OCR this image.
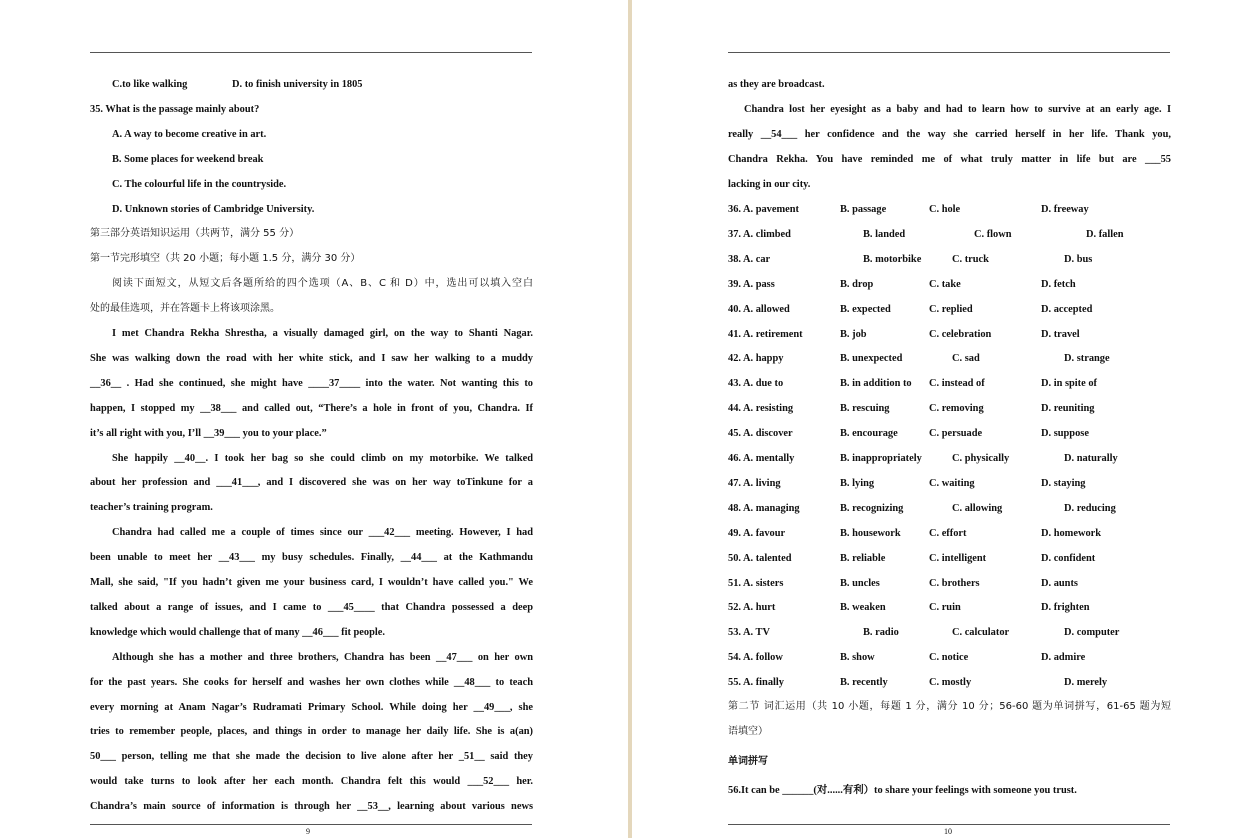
C.to like walking	D. to finish university in 1805
35. What is the passage mainly about?
A. A way to become creative in art.
B. Some places for weekend break
C. The colourful life in the countryside.
D. Unknown stories of Cambridge University.
第三部分英语知识运用（共两节，满分 55 分）
第一节完形填空（共 20 小题；每小题 1.5 分，满分 30 分）
阅读下面短文，从短文后各题所给的四个选项（A、B、C 和 D）中，选出可以填入空白
处的最佳选项，并在答题卡上将该项涂黑。
I met Chandra Rekha Shrestha, a visually damaged girl, on the way to Shanti Nagar.
She was walking down the road with her white stick, and I saw her walking to a muddy
__36__ . Had she continued, she might have ____37____ into the water. Not wanting this to
happen, I stopped my __38___ and called out, “There’s a hole in front of you, Chandra. If
it’s all right with you, I’ll __39___ you to your place.”
She happily __40__. I took her bag so she could climb on my motorbike. We talked
about her profession and ___41___, and I discovered she was on her way toTinkune for a
teacher’s training program.
Chandra had called me a couple of times since our ___42___ meeting. However, I had
been unable to meet her __43___ my busy schedules. Finally, __44___ at the Kathmandu
Mall, she said, "If you hadn’t given me your business card, I wouldn’t have called you." We
talked about a range of issues, and I came to ___45____ that Chandra possessed a deep
knowledge which would challenge that of many __46___ fit people.
Although she has a mother and three brothers, Chandra has been __47___ on her own
for the past years. She cooks for herself and washes her own clothes while __48___ to teach
every morning at Anam Nagar’s Rudramati Primary School. While doing her __49___, she
tries to remember people, places, and things in order to manage her daily life. She is a(an)
50___ person, telling me that she made the decision to live alone after her _51__ said they
would take turns to look after her each month. Chandra felt this would ___52___ her.
Chandra’s main source of information is through her __53__, learning about various news
9
as they are broadcast.
Chandra lost her eyesight as a baby and had to learn how to survive at an early age. I
really __54___ her confidence and the way she carried herself in her life. Thank you,
Chandra Rekha. You have reminded me of what truly matter in life but are ___55
lacking in our city.
36. A. pavement	B. passage	C. hole	D. freeway
37. A. climbed	B. landed	C. flown	D. fallen
38. A. car	B. motorbike	C. truck	D. bus
39. A. pass	B. drop	C. take	D. fetch
40. A. allowed	B. expected	C. replied	D. accepted
41. A. retirement	B. job	C. celebration	D. travel
42. A. happy	B. unexpected	C. sad	D. strange
43. A. due to	B. in addition to C. instead of	D. in spite of
44. A. resisting	B. rescuing	C. removing	D. reuniting
45. A. discover	B. encourage	C. persuade	D. suppose
46. A. mentally	B. inappropriately	C. physically	D. naturally
47. A. living	B. lying	C. waiting	D. staying
48. A. managing	B. recognizing	C. allowing	D. reducing
49. A. favour	B. housework	C. effort	D. homework
50. A. talented	B. reliable	C. intelligent	D. confident
51. A. sisters	B. uncles	C. brothers	D. aunts
52. A. hurt	B. weaken	C. ruin	D. frighten
53. A. TV	B. radio	C. calculator	D. computer
54. A. follow	B. show	C. notice	D. admire
55. A. finally	B. recently	C. mostly	D. merely
第二节 词汇运用（共 10 小题，每题 1 分，满分 10 分；56-60 题为单词拼写，61-65 题为短
语填空）
单词拼写
56.It can be ______(对......有利）to share your feelings with someone you trust.
10
